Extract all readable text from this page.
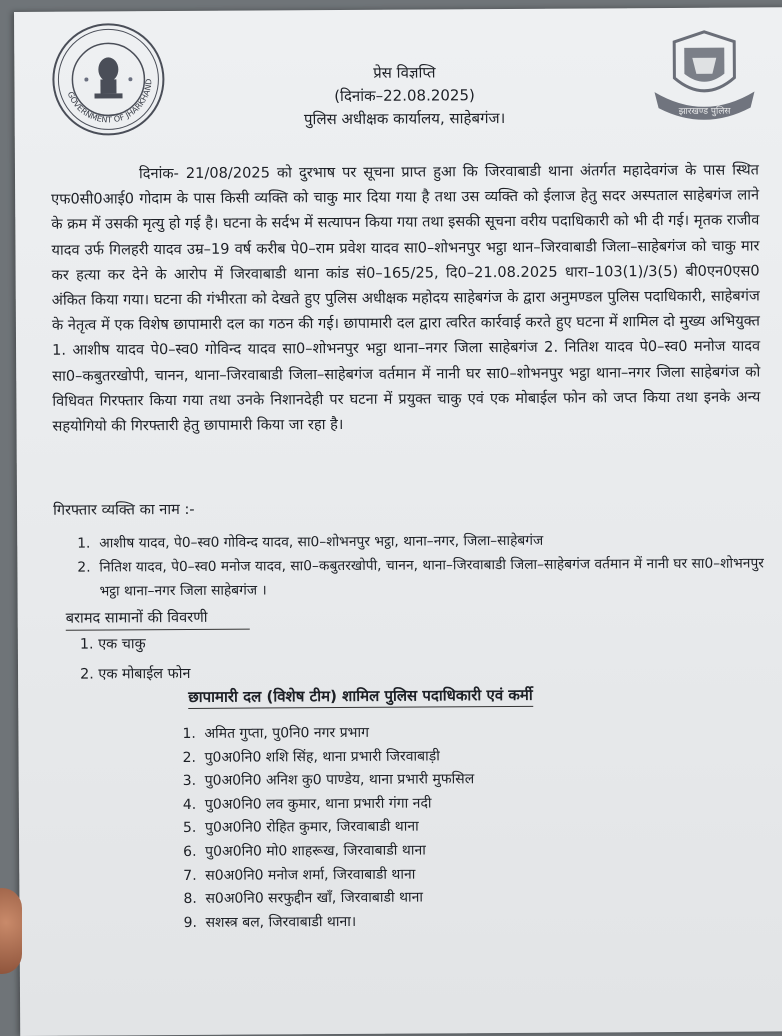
GOVERNMENT OF JHARKHAND
झारखण्ड पुलिस
प्रेस विज्ञप्ति
(दिनांक–22.08.2025)
पुलिस अधीक्षक कार्यालय, साहेबगंज।
दिनांक- 21/08/2025 को दुरभाष पर सूचना प्राप्त हुआ कि जिरवाबाडी थाना अंतर्गत महादेवगंज के पास स्थित एफ0सी0आई0 गोदाम के पास किसी व्यक्ति को चाकु मार दिया गया है तथा उस व्यक्ति को ईलाज हेतु सदर अस्पताल साहेबगंज लाने के क्रम में उसकी मृत्यु हो गई है। घटना के सर्दभ में सत्यापन किया गया तथा इसकी सूचना वरीय पदाधिकारी को भी दी गई। मृतक राजीव यादव उर्फ गिलहरी यादव उम्र–19 वर्ष करीब पे0–राम प्रवेश यादव सा0–शोभनपुर भट्ठा थान–जिरवाबाडी जिला–साहेबगंज को चाकु मार कर हत्या कर देने के आरोप में जिरवाबाडी थाना कांड सं0–165/25, दि0–21.08.2025 धारा–103(1)/3(5) बी0एन0एस0 अंकित किया गया। घटना की गंभीरता को देखते हुए पुलिस अधीक्षक महोदय साहेबगंज के द्वारा अनुमण्डल पुलिस पदाधिकारी, साहेबगंज के नेतृत्व में एक विशेष छापामारी दल का गठन की गई। छापामारी दल द्वारा त्वरित कार्रवाई करते हुए घटना में शामिल दो मुख्य अभियुक्त 1. आशीष यादव पे0–स्व0 गोविन्द यादव सा0–शोभनपुर भट्ठा थाना–नगर जिला साहेबगंज 2. नितिश यादव पे0–स्व0 मनोज यादव सा0–कबुतरखोपी, चानन, थाना–जिरवाबाडी जिला–साहेबगंज वर्तमान में नानी घर सा0–शोभनपुर भट्ठा थाना–नगर जिला साहेबगंज को विधिवत गिरफ्तार किया गया तथा उनके निशानदेही पर घटना में प्रयुक्त चाकु एवं एक मोबाईल फोन को जप्त किया तथा इनके अन्य सहयोगियो की गिरफ्तारी हेतु छापामारी किया जा रहा है।
गिरफ्तार व्यक्ति का नाम :-
1. आशीष यादव, पे0–स्व0 गोविन्द यादव, सा0–शोभनपुर भट्ठा, थाना–नगर, जिला–साहेबगंज
2. नितिश यादव, पे0–स्व0 मनोज यादव, सा0–कबुतरखोपी, चानन, थाना–जिरवाबाडी जिला–साहेबगंज वर्तमान में नानी घर सा0–शोभनपुर भट्ठा थाना–नगर जिला साहेबगंज ।
बरामद सामानों की विवरणी
1. एक चाकु
2. एक मोबाईल फोन
छापामारी दल (विशेष टीम) शामिल पुलिस पदाधिकारी एवं कर्मी
1. अमित गुप्ता, पु0नि0 नगर प्रभाग
2. पु0अ0नि0 शशि सिंह, थाना प्रभारी जिरवाबाड़ी
3. पु0अ0नि0 अनिश कु0 पाण्डेय, थाना प्रभारी मुफसिल
4. पु0अ0नि0 लव कुमार, थाना प्रभारी गंगा नदी
5. पु0अ0नि0 रोहित कुमार, जिरवाबाडी थाना
6. पु0अ0नि0 मो0 शाहरूख, जिरवाबाडी थाना
7. स0अ0नि0 मनोज शर्मा, जिरवाबाडी थाना
8. स0अ0नि0 सरफुद्दीन खाँ, जिरवाबाडी थाना
9. सशस्त्र बल, जिरवाबाडी थाना।
